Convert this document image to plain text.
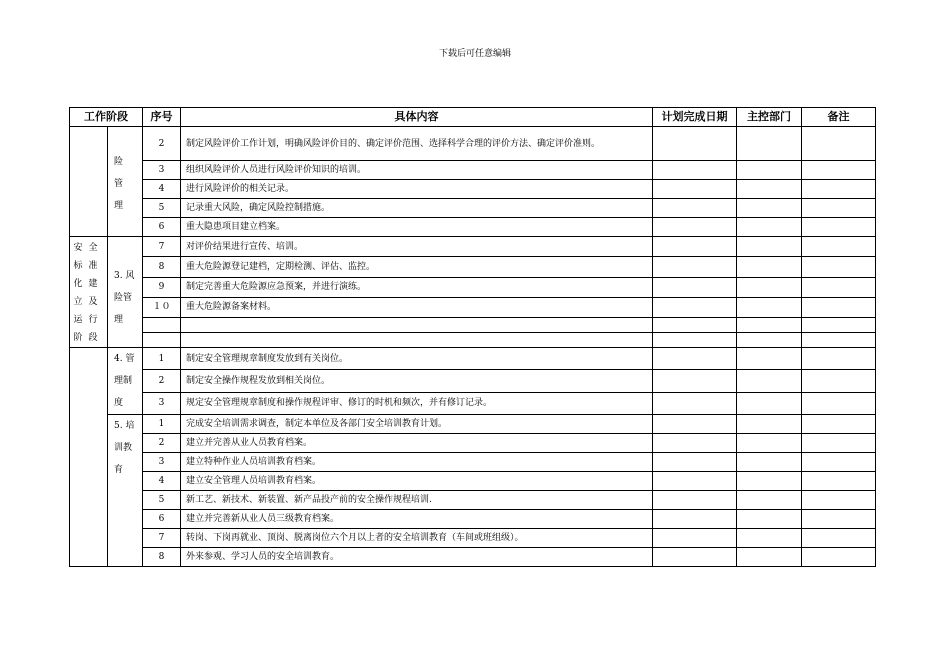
下载后可任意编辑
工作阶段		序号	具体内容	计划完成日期	主控部门	备注
	险管理	2	制定风险评价工作计划，明确风险评价目的、确定评价范围、选择科学合理的评价方法、确定评价准则。			
		3	组织风险评价人员进行风险评价知识的培训。			
		4	进行风险评价的相关记录。			
		5	记录重大风险，确定风险控制措施。			
		6	重大隐患项目建立档案。			
安全标准化建立及运行阶段	3. 风险管理	7	对评价结果进行宣传、培训。			
		8	重大危险源登记建档，定期检测、评估、监控。			
		9	制定完善重大危险源应急预案，并进行演练。			
		１０	重大危险源备案材料。			

	4. 管理制度	1	制定安全管理规章制度发放到有关岗位。			
		2	制定安全操作规程发放到相关岗位。			
		3	规定安全管理规章制度和操作规程评审、修订的时机和频次，并有修订记录。			
	5. 培训教育	1	完成安全培训需求调查，制定本单位及各部门安全培训教育计划。			
		2	建立并完善从业人员教育档案。			
		3	建立特种作业人员培训教育档案。			
		4	建立安全管理人员培训教育档案。			
		5	新工艺、新技术、新装置、新产品投产前的安全操作规程培训.			
		6	建立并完善新从业人员三级教育档案。			
		7	转岗、下岗再就业、顶岗、脱离岗位六个月以上者的安全培训教育（车间或班组级）。			
		8	外来参观、学习人员的安全培训教育。			
